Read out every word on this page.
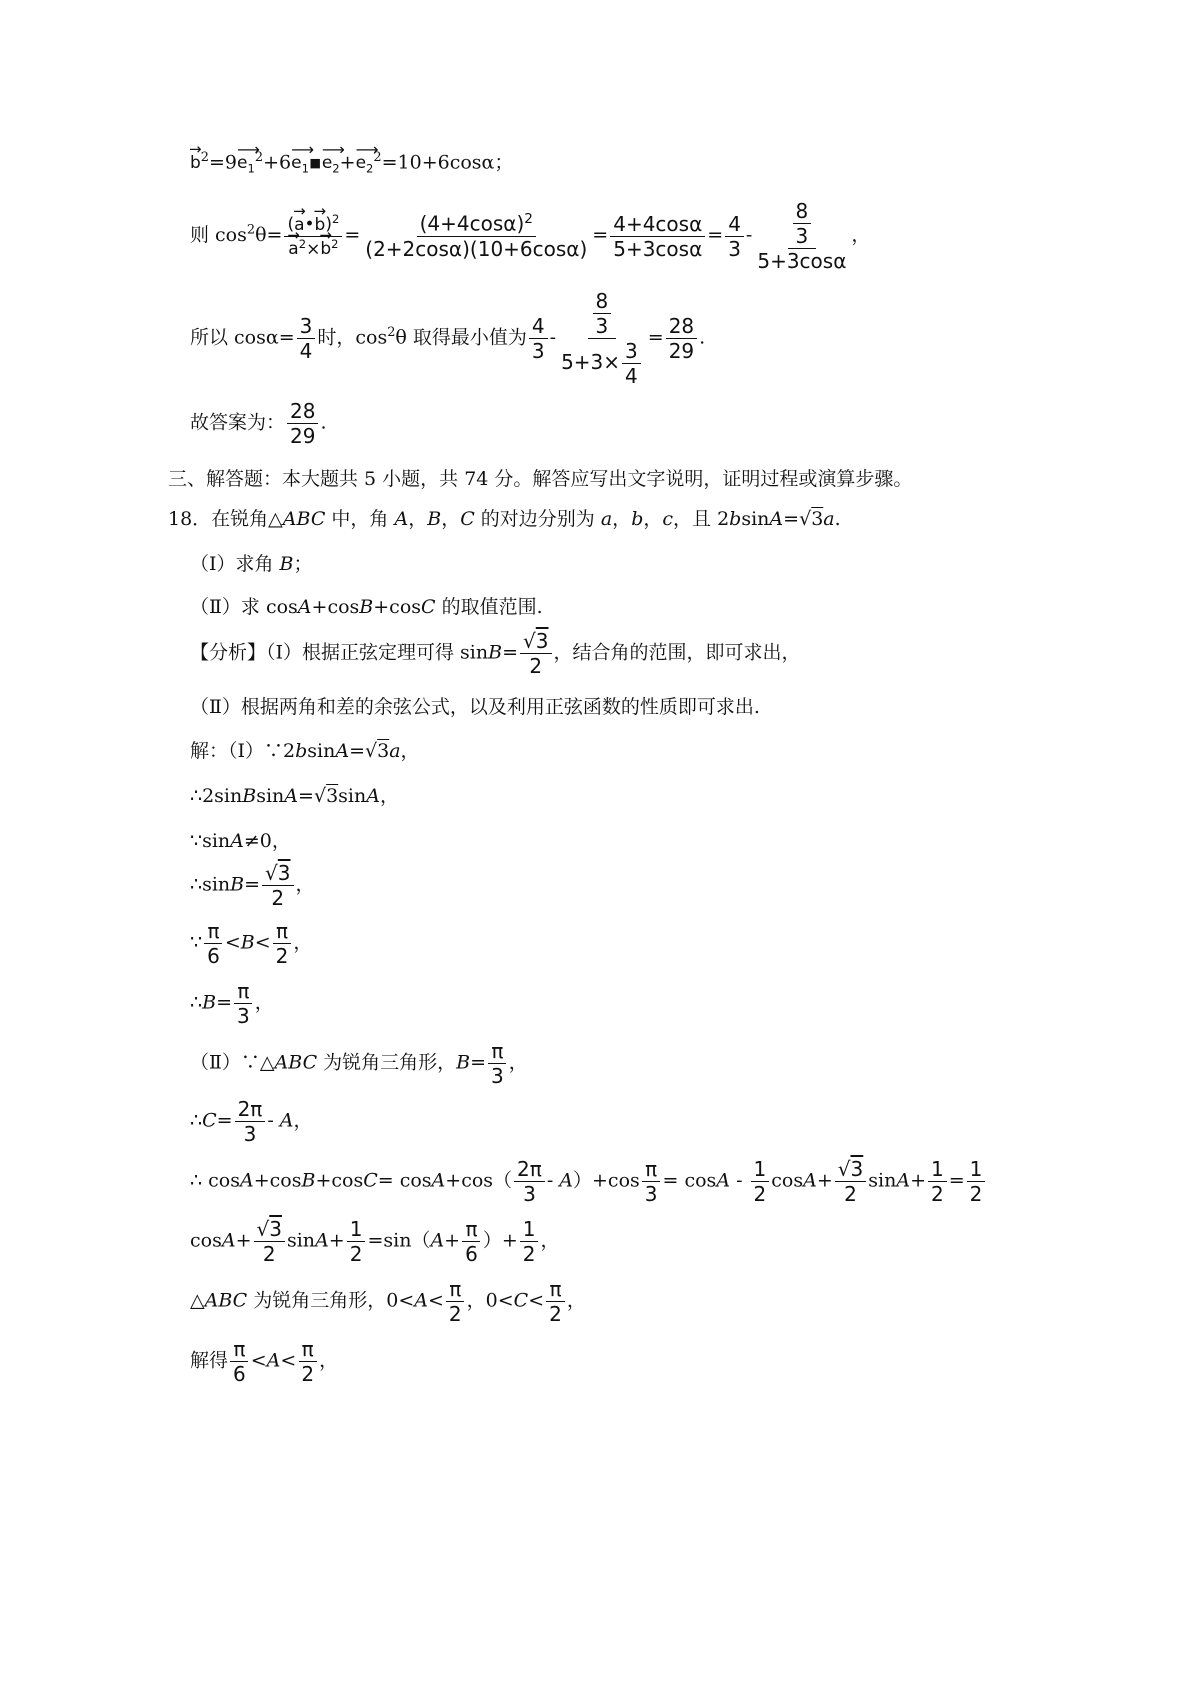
→ $b^2=9⟶$ $e_1^2+6⟶$ $e_1▪⟶$ $e_2+⟶$ $e_2^2=10+6\cos\alpha$；
则 $\cos^2\theta=$ (→ a•→ b)$^2$
→ $a^2\times\to b^2 = \frac{(4+4\cos\alpha)^2}{(2+2\cos\alpha)(10+6\cos\alpha)} = \frac{4+4\cos\alpha}{5+3\cos\alpha} = \frac{4}{3} - \frac{\frac{8}{3}}{5+3\cos\alpha}$ ，
所以 $\cos\alpha= \frac{3}{4}$ 时，$\cos^2\theta$ 取得最小值为 $\frac{4}{3} - \frac{\frac{8}{3}}{5+3\times \frac{3}{4}} = \frac{28}{29}$ .
故答案为： $\frac{28}{29}$ .
三、解答题：本大题共 5 小题，共 74 分。解答应写出文字说明，证明过程或演算步骤。
18．在锐角△ABC 中，角 A，B，C 的对边分别为 a，b，c，且 2bsinA=√3a.
（Ⅰ）求角 B；
（Ⅱ）求 cosA+cosB+cosC 的取值范围.
【分析】（Ⅰ）根据正弦定理可得 $\sin B= \frac{√3}{2}$ ，结合角的范围，即可求出，
（Ⅱ）根据两角和差的余弦公式，以及利用正弦函数的性质即可求出.
解：（Ⅰ）∵2bsinA=√3a，
∴2sinBsinA=√3sinA，
∵sinA≠0，
∴sinB= $\frac{√3}{2}$ ，
∵ $\frac{\pi}{6} <B< \frac{\pi}{2}$ ，
∴B= $\frac{\pi}{3}$ ，
（Ⅱ）∵△ABC 为锐角三角形，$B= \frac{\pi}{3}$ ，
∴C= $\frac{2\pi}{3}$ - A，
∴ $\cos A+\cos B+\cos C= \cos A+\cos( \frac{2\pi}{3} - A)+\cos \frac{\pi}{3} = \cos A - \frac{1}{2} \cos A+ \frac{√3}{2} \sin A+ \frac{1}{2} = \frac{1}{2}$
$\cos A+ \frac{√3}{2} \sin A+ \frac{1}{2} =\sin(A+ \frac{\pi}{6}$ ）+ $\frac{1}{2}$ ，
△ABC 为锐角三角形，$0<A< \frac{\pi}{2}$ ，$0<C< \frac{\pi}{2}$ ，
解得 $\frac{\pi}{6} <A< \frac{\pi}{2}$ ，
